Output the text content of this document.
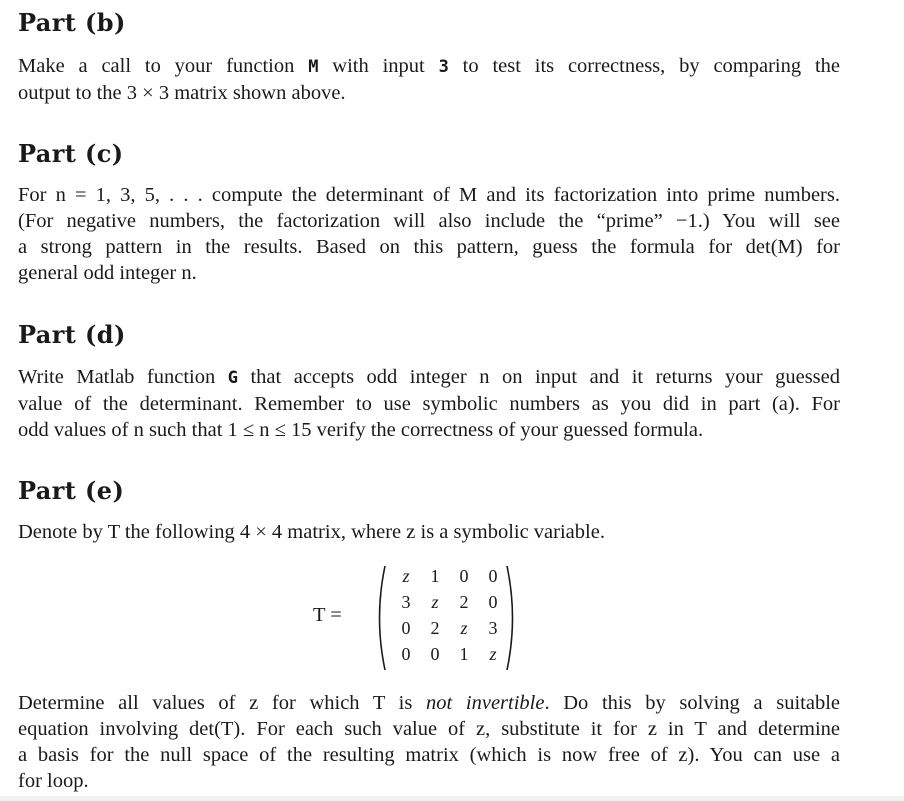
Part (b)
Make a call to your function M with input 3 to test its correctness, by comparing the
output to the 3 × 3 matrix shown above.
Part (c)
For n = 1, 3, 5, . . . compute the determinant of M and its factorization into prime numbers.
(For negative numbers, the factorization will also include the “prime” −1.) You will see
a strong pattern in the results. Based on this pattern, guess the formula for det(M) for
general odd integer n.
Part (d)
Write Matlab function G that accepts odd integer n on input and it returns your guessed
value of the determinant. Remember to use symbolic numbers as you did in part (a). For
odd values of n such that 1 ≤ n ≤ 15 verify the correctness of your guessed formula.
Part (e)
Denote by T the following 4 × 4 matrix, where z is a symbolic variable.
Determine all values of z for which T is not invertible. Do this by solving a suitable
equation involving det(T). For each such value of z, substitute it for z in T and determine
a basis for the null space of the resulting matrix (which is now free of z). You can use a
for loop.
T =
z	1	0	0
3	z	2	0
0	2	z	3
0	0	1	z
